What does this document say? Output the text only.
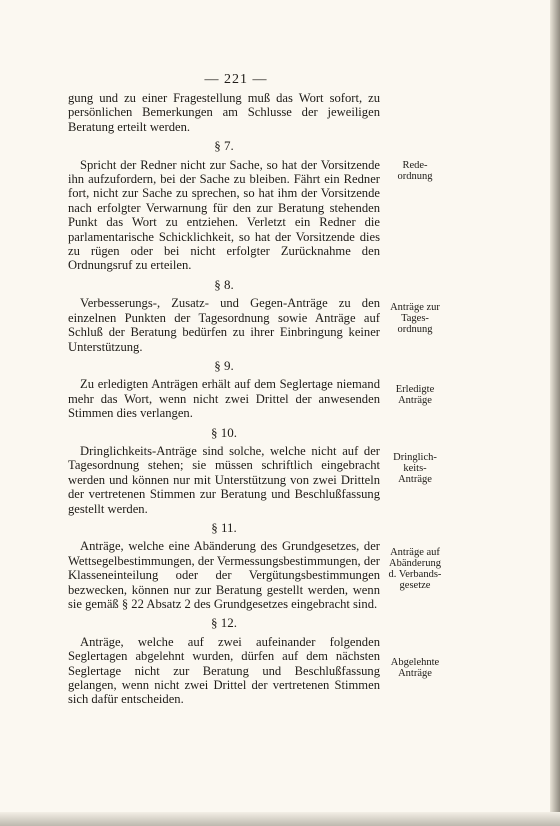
— 221 —

gung und zu einer Fragestellung muß das Wort sofort, zu persönlichen Bemerkungen am Schlusse der jeweiligen Beratung erteilt werden.

§ 7.

Spricht der Redner nicht zur Sache, so hat der Vorsitzende ihn aufzufordern, bei der Sache zu bleiben. Fährt ein Redner fort, nicht zur Sache zu sprechen, so hat ihm der Vorsitzende nach erfolgter Verwarnung für den zur Beratung stehenden Punkt das Wort zu entziehen. Verletzt ein Redner die parlamentarische Schicklichkeit, so hat der Vorsitzende dies zu rügen oder bei nicht erfolgter Zurücknahme den Ordnungsruf zu erteilen.

§ 8.

Verbesserungs-, Zusatz- und Gegen-Anträge zu den einzelnen Punkten der Tagesordnung sowie Anträge auf Schluß der Beratung bedürfen zu ihrer Einbringung keiner Unterstützung.

§ 9.

Zu erledigten Anträgen erhält auf dem Seglertage niemand mehr das Wort, wenn nicht zwei Drittel der anwesenden Stimmen dies verlangen.

§ 10.

Dringlichkeits-Anträge sind solche, welche nicht auf der Tagesordnung stehen; sie müssen schriftlich eingebracht werden und können nur mit Unterstützung von zwei Dritteln der vertretenen Stimmen zur Beratung und Beschlußfassung gestellt werden.

§ 11.

Anträge, welche eine Abänderung des Grundgesetzes, der Wettsegelbestimmungen, der Vermessungsbestimmungen, der Klasseneinteilung oder der Vergütungsbestimmungen bezwecken, können nur zur Beratung gestellt werden, wenn sie gemäß § 22 Absatz 2 des Grundgesetzes eingebracht sind.

§ 12.

Anträge, welche auf zwei aufeinander folgenden Seglertagen abgelehnt wurden, dürfen auf dem nächsten Seglertage nicht zur Beratung und Beschlußfassung gelangen, wenn nicht zwei Drittel der vertretenen Stimmen sich dafür entscheiden.

Rede-
ordnung
Anträge zur
Tages-
ordnung
Erledigte
Anträge
Dringlich-
keits-
Anträge
Anträge auf
Abänderung
d. Verbands-
gesetze
Abgelehnte
Anträge
